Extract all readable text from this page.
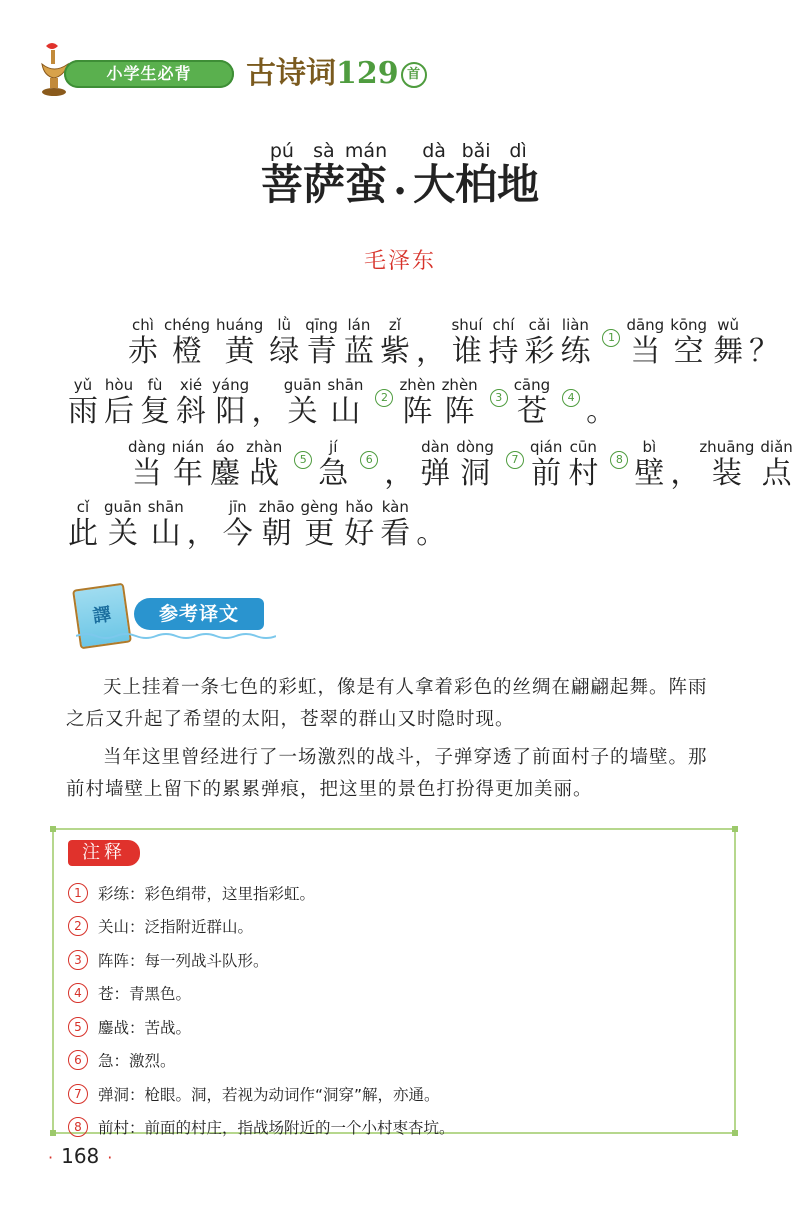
小学生必背	古诗词129 首
菩pú
萨sà
蛮mán
· 大dà
柏bǎi
地dì
毛泽东
赤chì橙chéng黄huáng绿lǜ青qīng蓝lán紫zǐ， 谁shuí持chí彩cǎi练liàn1 当dāng空kōng舞wǔ？
雨yǔ后hòu复fù斜xié阳yáng，关guān山shān2 阵zhèn阵zhèn3 苍cāng4 。
当dàng年nián鏖áo战zhàn5 急jí6 ， 弹dàn洞dòng7 前qián村cūn8 壁bì，装zhuāng点diǎn
此cǐ关guān山shān， 今jīn朝zhāo更gèng好hǎo看kàn。
譯	参考译文

天上挂着一条七色的彩虹，像是有人拿着彩色的丝绸在翩翩起舞。阵雨之后又升起了希望的太阳，苍翠的群山又时隐时现。

当年这里曾经进行了一场激烈的战斗，子弹穿透了前面村子的墙壁。那前村墙壁上留下的累累弹痕，把这里的景色打扮得更加美丽。

注释
1	彩练：彩色绢带，这里指彩虹。
2	关山：泛指附近群山。
3	阵阵：每一列战斗队形。
4	苍：青黑色。
5	鏖战：苦战。
6	急：激烈。
7	弹洞：枪眼。洞，若视为动词作“洞穿”解，亦通。
8	前村：前面的村庄，指战场附近的一个小村枣杏坑。
· 168 ·
